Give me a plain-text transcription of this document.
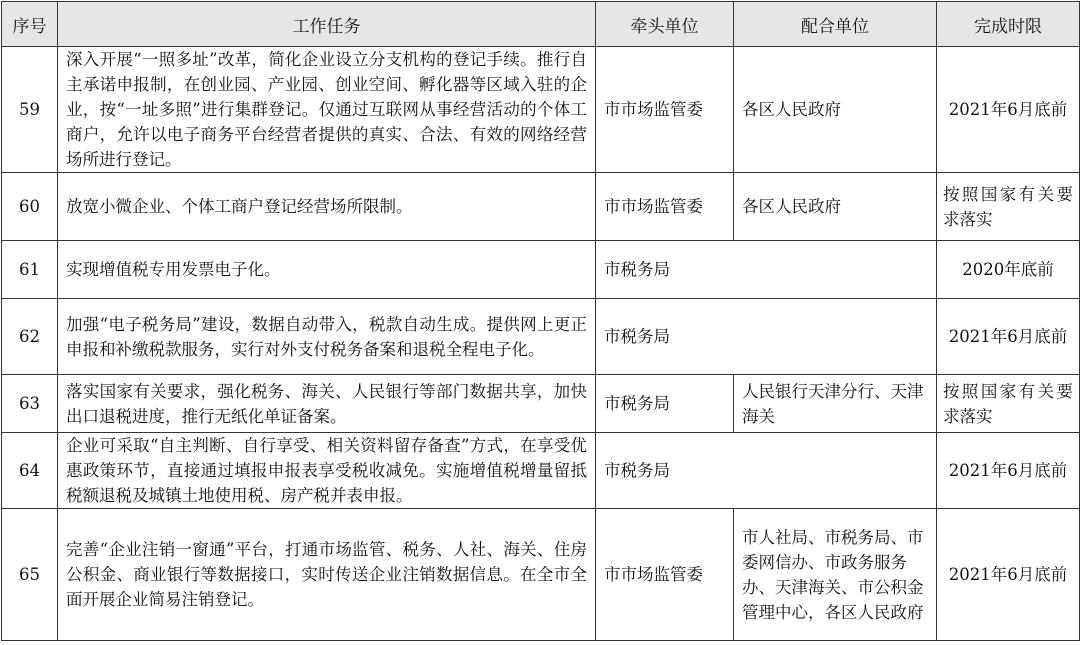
序号	工作任务	牵头单位	配合单位	完成时限
59	深入开展“一照多址”改革，简化企业设立分支机构的登记手续。推行自主承诺申报制，在创业园、产业园、创业空间、孵化器等区域入驻的企业，按“一址多照”进行集群登记。仅通过互联网从事经营活动的个体工商户，允许以电子商务平台经营者提供的真实、合法、有效的网络经营场所进行登记。	市市场监管委	各区人民政府	2021年6月底前
60	放宽小微企业、个体工商户登记经营场所限制。	市市场监管委	各区人民政府	按照国家有关要求落实
61	实现增值税专用发票电子化。	市税务局		2020年底前
62	加强“电子税务局”建设，数据自动带入，税款自动生成。提供网上更正申报和补缴税款服务，实行对外支付税务备案和退税全程电子化。	市税务局		2021年6月底前
63	落实国家有关要求，强化税务、海关、人民银行等部门数据共享，加快出口退税进度，推行无纸化单证备案。	市税务局	人民银行天津分行、天津海关	按照国家有关要求落实
64	企业可采取“自主判断、自行享受、相关资料留存备查”方式，在享受优惠政策环节，直接通过填报申报表享受税收减免。实施增值税增量留抵税额退税及城镇土地使用税、房产税并表申报。	市税务局		2021年6月底前
65	完善“企业注销一窗通”平台，打通市场监管、税务、人社、海关、住房公积金、商业银行等数据接口，实时传送企业注销数据信息。在全市全面开展企业简易注销登记。	市市场监管委	市人社局、市税务局、市委网信办、市政务服务办、天津海关、市公积金管理中心，各区人民政府	2021年6月底前
